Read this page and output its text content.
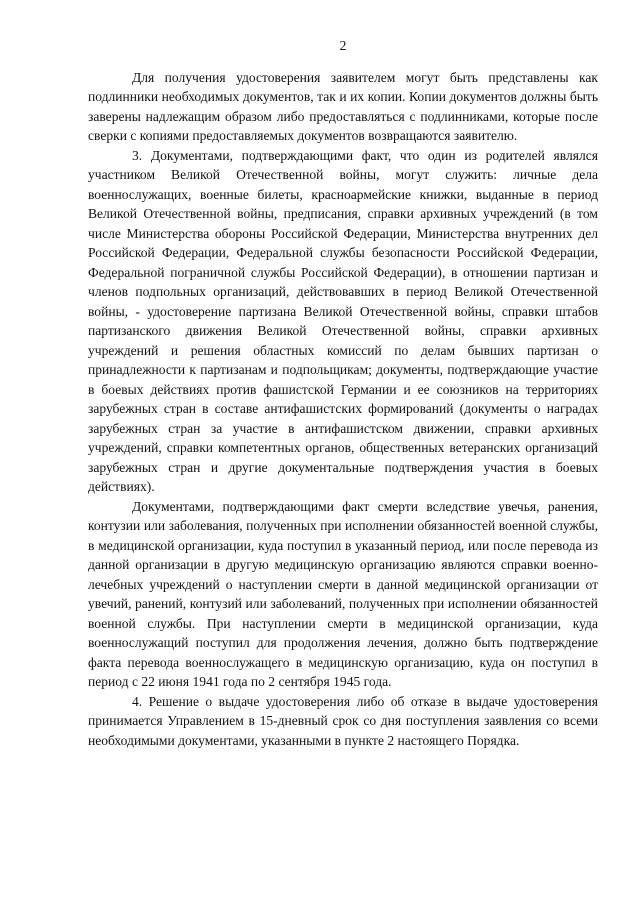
2

Для получения удостоверения заявителем могут быть представлены как подлинники необходимых документов, так и их копии. Копии документов должны быть заверены надлежащим образом либо предоставляться с подлинниками, которые после сверки с копиями предоставляемых документов возвращаются заявителю.

3. Документами, подтверждающими факт, что один из родителей являлся участником Великой Отечественной войны, могут служить: личные дела военнослужащих, военные билеты, красноармейские книжки, выданные в период Великой Отечественной войны, предписания, справки архивных учреждений (в том числе Министерства обороны Российской Федерации, Министерства внутренних дел Российской Федерации, Федеральной службы безопасности Российской Федерации, Федеральной пограничной службы Российской Федерации), в отношении партизан и членов подпольных организаций, действовавших в период Великой Отечественной войны, - удостоверение партизана Великой Отечественной войны, справки штабов партизанского движения Великой Отечественной войны, справки архивных учреждений и решения областных комиссий по делам бывших партизан о принадлежности к партизанам и подпольщикам; документы, подтверждающие участие в боевых действиях против фашистской Германии и ее союзников на территориях зарубежных стран в составе антифашистских формирований (документы о наградах зарубежных стран за участие в антифашистском движении, справки архивных учреждений, справки компетентных органов, общественных ветеранских организаций зарубежных стран и другие документальные подтверждения участия в боевых действиях).

Документами, подтверждающими факт смерти вследствие увечья, ранения, контузии или заболевания, полученных при исполнении обязанностей военной службы, в медицинской организации, куда поступил в указанный период, или после перевода из данной организации в другую медицинскую организацию являются справки военно-лечебных учреждений о наступлении смерти в данной медицинской организации от увечий, ранений, контузий или заболеваний, полученных при исполнении обязанностей военной службы. При наступлении смерти в медицинской организации, куда военнослужащий поступил для продолжения лечения, должно быть подтверждение факта перевода военнослужащего в медицинскую организацию, куда он поступил в период с 22 июня 1941 года по 2 сентября 1945 года.

4. Решение о выдаче удостоверения либо об отказе в выдаче удостоверения принимается Управлением в 15-дневный срок со дня поступления заявления со всеми необходимыми документами, указанными в пункте 2 настоящего Порядка.
